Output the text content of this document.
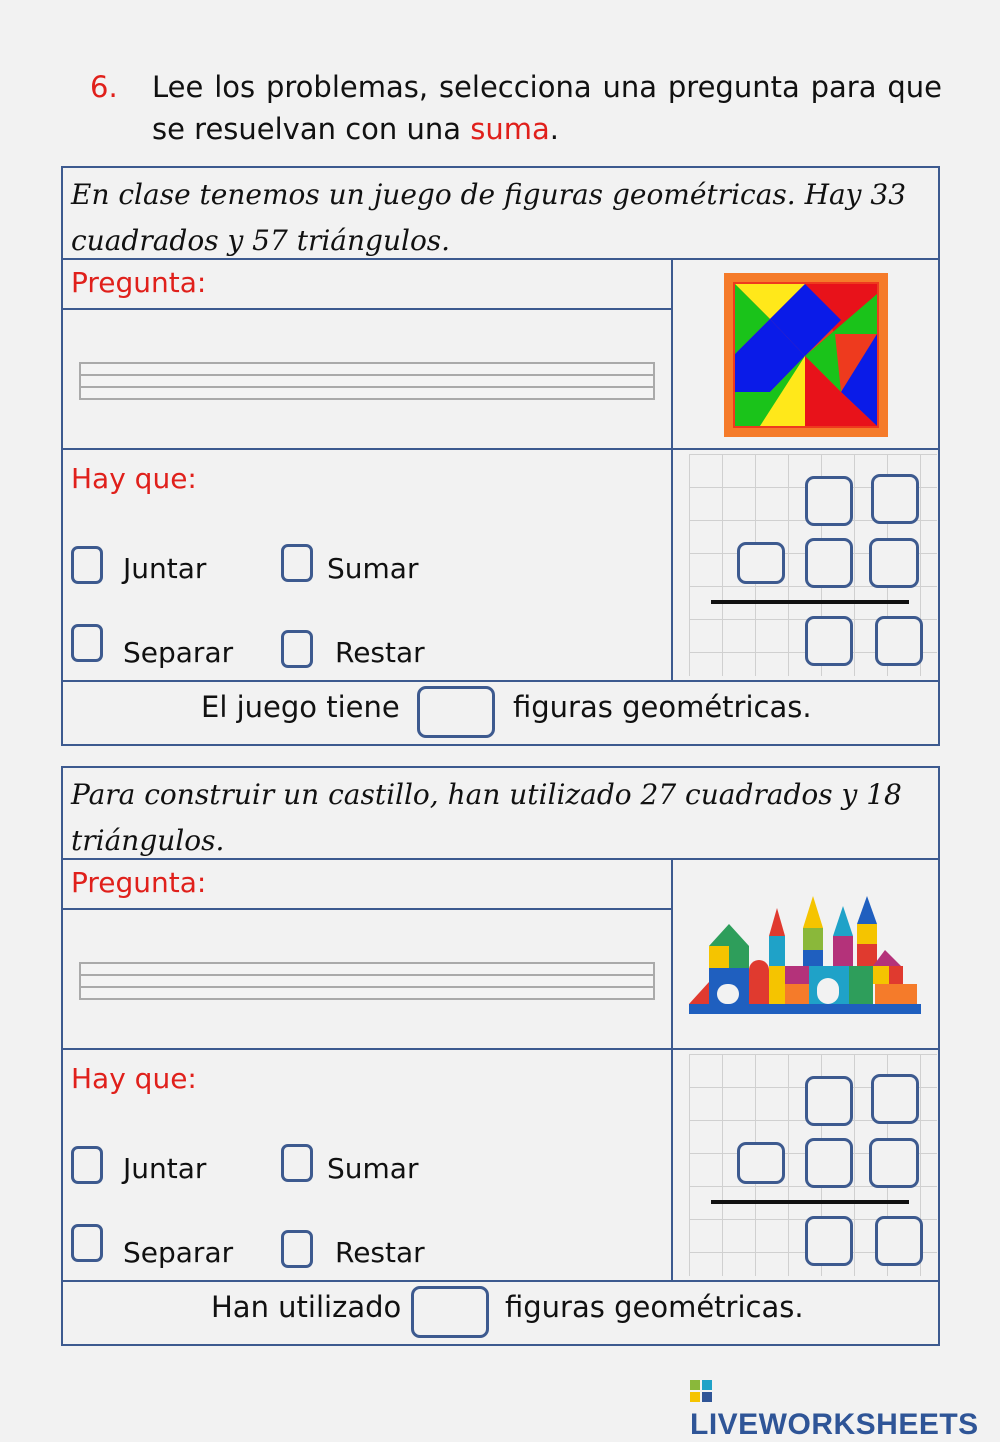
6. Lee los problemas, selecciona una pregunta para que se resuelvan con una suma.
En clase tenemos un juego de figuras geométricas. Hay 33 cuadrados y 57 triángulos.
Pregunta:
Hay que:
Juntar	Sumar
Separar	Restar
El juego tiene	figuras geométricas.
Para construir un castillo, han utilizado 27 cuadrados y 18 triángulos.
Pregunta:
Hay que:
Juntar	Sumar
Separar	Restar
Han utilizado	figuras geométricas.
LIVEWORKSHEETS
